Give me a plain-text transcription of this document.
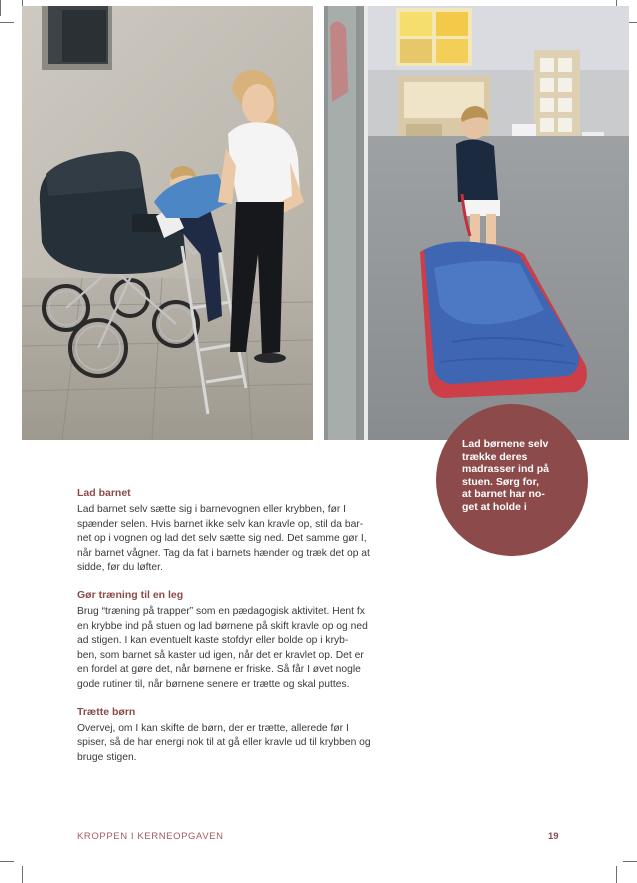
Lad børnene selv
trække deres
madrasser ind på
stuen. Sørg for,
at barnet har no-
get at holde i
Lad barnet
Lad barnet selv sætte sig i barnevognen eller krybben, før I
spænder selen. Hvis barnet ikke selv kan kravle op, stil da bar-
net op i vognen og lad det selv sætte sig ned. Det samme gør I,
når barnet vågner. Tag da fat i barnets hænder og træk det op at
sidde, før du løfter.
Gør træning til en leg
Brug “træning på trapper” som en pædagogisk aktivitet. Hent fx
en krybbe ind på stuen og lad børnene på skift kravle op og ned
ad stigen. I kan eventuelt kaste stofdyr eller bolde op i kryb-
ben, som barnet så kaster ud igen, når det er kravlet op. Det er
en fordel at gøre det, når børnene er friske. Så får I øvet nogle
gode rutiner til, når børnene senere er trætte og skal puttes.
Trætte børn
Overvej, om I kan skifte de børn, der er trætte, allerede før I
spiser, så de har energi nok til at gå eller kravle ud til krybben og
bruge stigen.
KROPPEN I KERNEOPGAVEN	19
